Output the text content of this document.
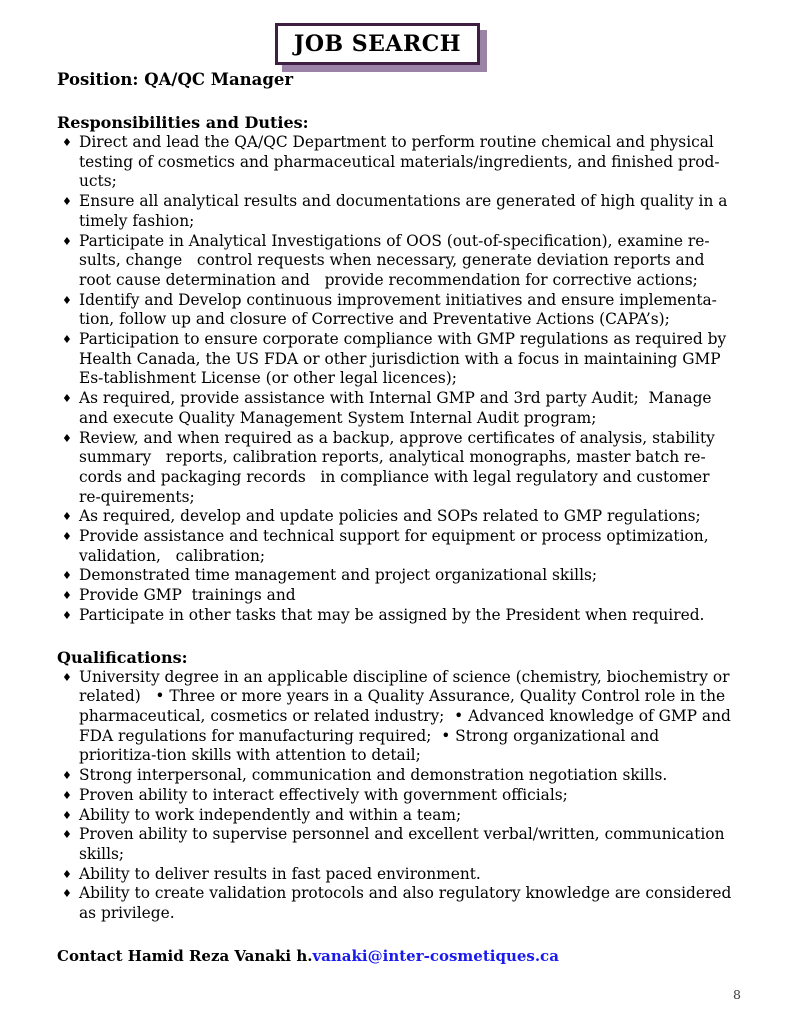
JOB SEARCH
Position: QA/QC Manager
Responsibilities and Duties:
♦ Direct and lead the QA/QC Department to perform routine chemical and physical testing of cosmetics and pharmaceutical materials/ingredients, and finished prod-ucts;
♦ Ensure all analytical results and documentations are generated of high quality in a timely fashion;
♦ Participate in Analytical Investigations of OOS (out-of-specification), examine re-sults, change   control requests when necessary, generate deviation reports and root cause determination and   provide recommendation for corrective actions;
♦ Identify and Develop continuous improvement initiatives and ensure implementa-tion, follow up and closure of Corrective and Preventative Actions (CAPA’s);
♦ Participation to ensure corporate compliance with GMP regulations as required by Health Canada, the US FDA or other jurisdiction with a focus in maintaining GMP Es-tablishment License (or other legal licences);
♦ As required, provide assistance with Internal GMP and 3rd party Audit;  Manage and execute Quality Management System Internal Audit program;
♦ Review, and when required as a backup, approve certificates of analysis, stability summary   reports, calibration reports, analytical monographs, master batch re-cords and packaging records   in compliance with legal regulatory and customer re-quirements;
♦ As required, develop and update policies and SOPs related to GMP regulations;
♦ Provide assistance and technical support for equipment or process optimization, validation,   calibration;
♦ Demonstrated time management and project organizational skills;
♦ Provide GMP  trainings and
♦ Participate in other tasks that may be assigned by the President when required.
Qualifications:
♦ University degree in an applicable discipline of science (chemistry, biochemistry or related)   • Three or more years in a Quality Assurance, Quality Control role in the pharmaceutical, cosmetics or related industry;  • Advanced knowledge of GMP and FDA regulations for manufacturing required;  • Strong organizational and prioritiza-tion skills with attention to detail;
♦ Strong interpersonal, communication and demonstration negotiation skills.
♦ Proven ability to interact effectively with government officials;
♦ Ability to work independently and within a team;
♦ Proven ability to supervise personnel and excellent verbal/written, communication skills;
♦ Ability to deliver results in fast paced environment.
♦ Ability to create validation protocols and also regulatory knowledge are considered as privilege.
Contact Hamid Reza Vanaki h.vanaki@inter-cosmetiques.ca
8
